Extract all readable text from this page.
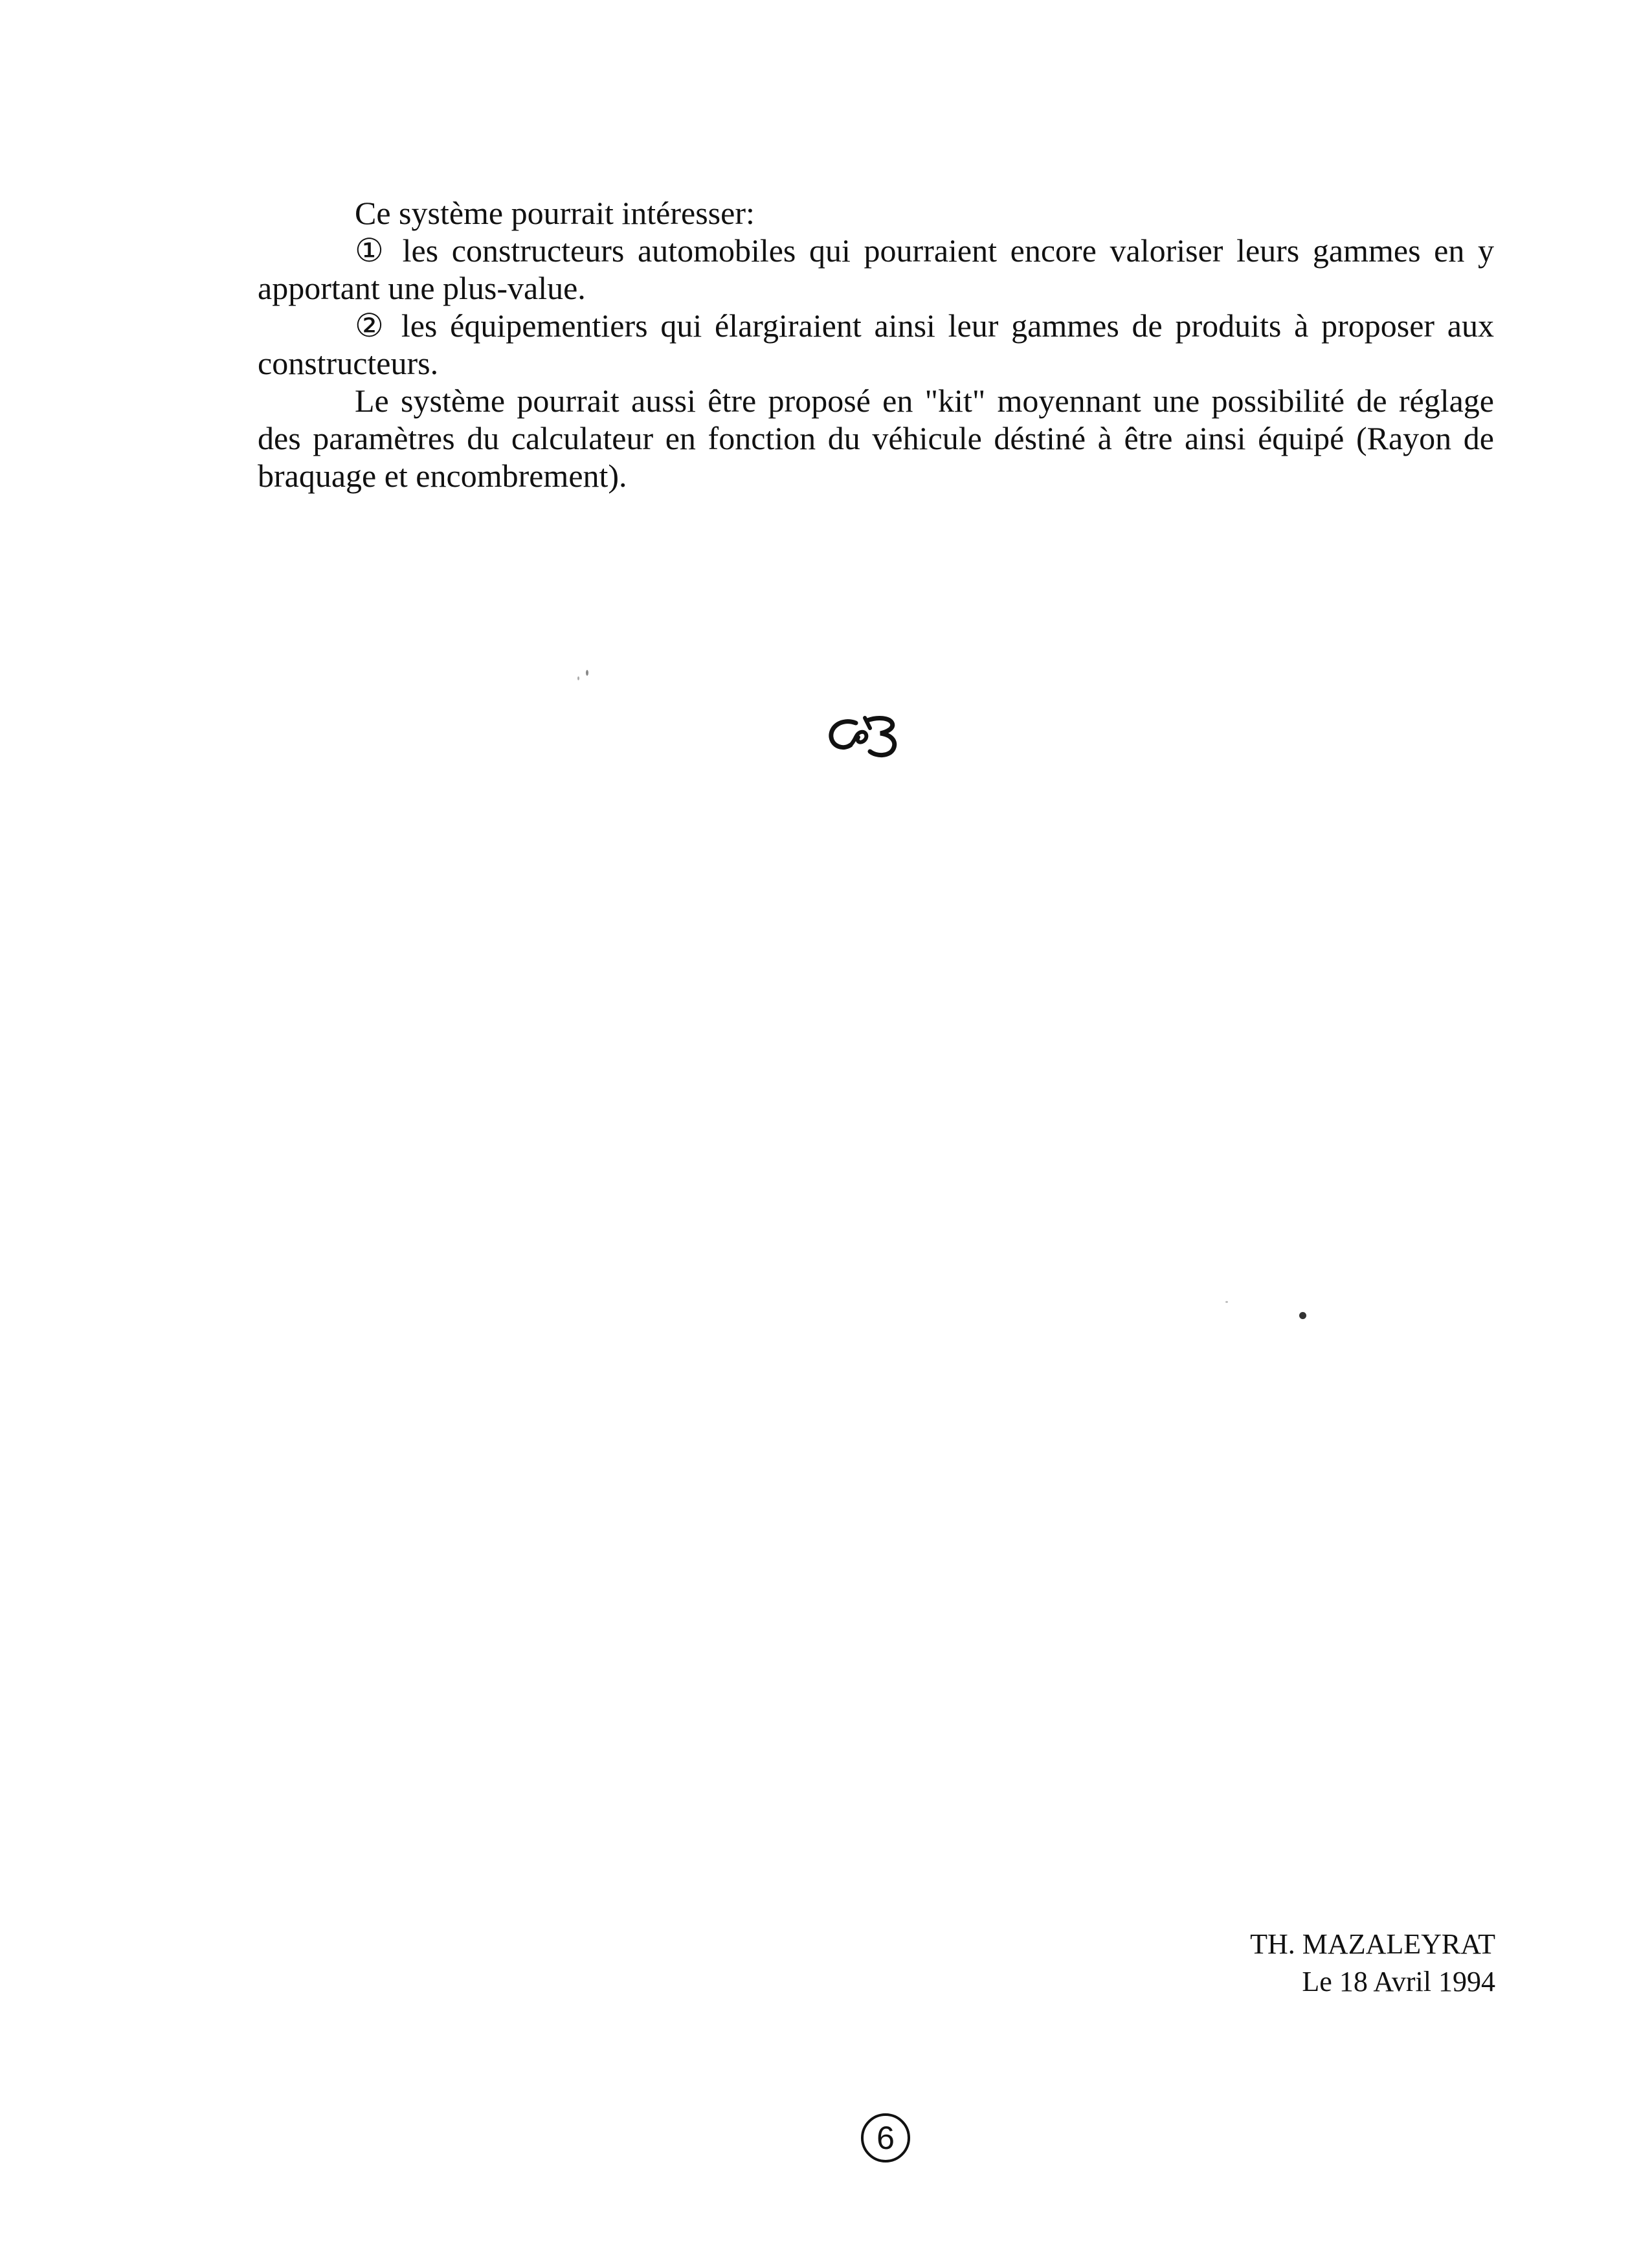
Ce système pourrait intéresser:

① les constructeurs automobiles qui pourraient encore valoriser leurs gammes en y apportant une plus-value.

② les équipementiers qui élargiraient ainsi leur gammes de produits à proposer aux constructeurs.

Le système pourrait aussi être proposé en "kit" moyennant une possibilité de réglage des paramètres du calculateur en fonction du véhicule déstiné à être ainsi équipé (Rayon de braquage et encombrement).

TH. MAZALEYRAT
Le 18 Avril 1994
6
